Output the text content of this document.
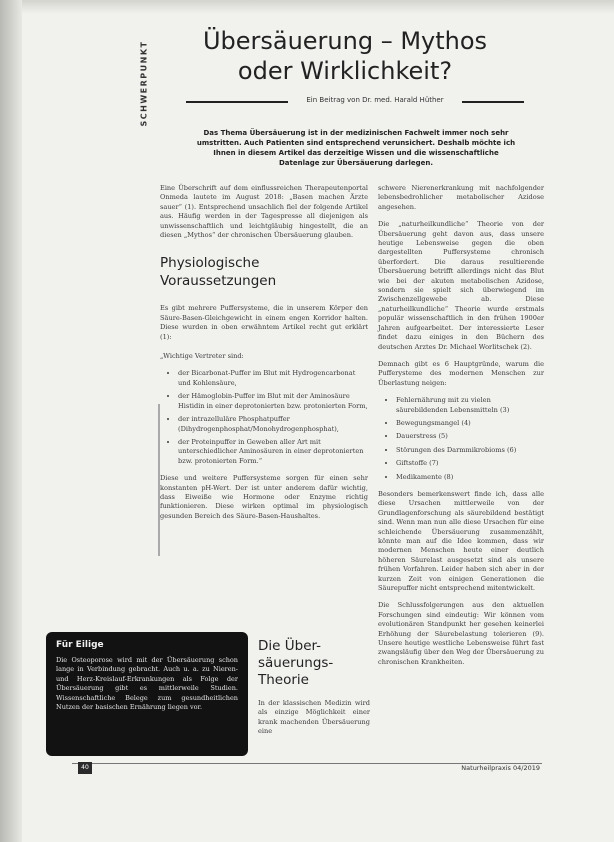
SCHWERPUNKT	Übersäuerung – Mythos
oder Wirklichkeit?
Ein Beitrag von Dr. med. Harald Hüther
Das Thema Übersäuerung ist in der medizinischen Fachwelt immer noch sehr umstritten. Auch Patienten sind entsprechend verunsichert. Deshalb möchte ich Ihnen in diesem Artikel das derzeitige Wissen und die wissenschaftliche Datenlage zur Übersäuerung darlegen.

Eine Überschrift auf dem einflussreichen Therapeutenportal Onmeda lautete im August 2018: „Basen machen Ärzte sauer“ (1). Entsprechend unsachlich fiel der folgende Artikel aus. Häufig werden in der Tagespresse all diejenigen als unwissenschaftlich und leichtgläubig hingestellt, die an diesen „Mythos“ der chronischen Übersäuerung glauben.

Physiologische
Voraussetzungen

Es gibt mehrere Puffersysteme, die in unserem Körper den Säure-Basen-Gleichgewicht in einem engen Korridor halten. Diese wurden in oben erwähntem Artikel recht gut erklärt (1):

„Wichtige Vertreter sind:

• der Bicarbonat-Puffer im Blut mit Hydrogencarbonat und Kohlensäure,
• der Hämoglobin-Puffer im Blut mit der Aminosäure Histidin in einer deprotonierten bzw. protonierten Form,
• der intrazelluläre Phosphatpuffer (Dihydrogenphosphat/Monohydrogenphosphat),
• der Proteinpuffer in Geweben aller Art mit unterschiedlicher Aminosäuren in einer deprotonierten bzw. protonierten Form.“

Diese und weitere Puffersysteme sorgen für einen sehr konstanten pH-Wert. Der ist unter anderem dafür wichtig, dass Eiweiße wie Hormone oder Enzyme richtig funktionieren. Diese wirken optimal im physiologisch gesunden Bereich des Säure-Basen-Haushaltes.

Für Eilige
Die Osteoporose wird mit der Übersäuerung schon lange in Verbindung gebracht. Auch u. a. zu Nieren- und Herz-Kreislauf-Erkrankungen als Folge der Übersäuerung gibt es mittlerweile Studien. Wissenschaftliche Belege zum gesundheitlichen Nutzen der basischen Ernährung liegen vor.
Die Über-
säuerungs-
Theorie

In der klassischen Medizin wird als einzige Möglichkeit einer krank machenden Übersäuerung eine

schwere Nierenerkrankung mit nachfolgender lebensbedrohlicher metabolischer Azidose angesehen.

Die „naturheilkundliche“ Theorie von der Übersäuerung geht davon aus, dass unsere heutige Lebensweise gegen die oben dargestellten Puffersysteme chronisch überfordert. Die daraus resultierende Übersäuerung betrifft allerdings nicht das Blut wie bei der akuten metabolischen Azidose, sondern sie spielt sich überwiegend im Zwischenzellgewebe ab. Diese „naturheilkundliche“ Theorie wurde erstmals populär wissenschaftlich in den frühen 1900er Jahren aufgearbeitet. Der interessierte Leser findet dazu einiges in den Büchern des deutschen Arztes Dr. Michael Worlitschek (2).

Demnach gibt es 6 Hauptgründe, warum die Pufferysteme des modernen Menschen zur Überlastung neigen:

• Fehlernährung mit zu vielen säurebildenden Lebensmitteln (3)
• Bewegungsmangel (4)
• Dauerstress (5)
• Störungen des Darmmikrobioms (6)
• Giftstoffe (7)
• Medikamente (8)

Besonders bemerkenswert finde ich, dass alle diese Ursachen mittlerweile von der Grundlagenforschung als säurebildend bestätigt sind. Wenn man nun alle diese Ursachen für eine schleichende Übersäuerung zusammenzählt, könnte man auf die Idee kommen, dass wir modernen Menschen heute einer deutlich höheren Säurelast ausgesetzt sind als unsere frühen Vorfahren. Leider haben sich aber in der kurzen Zeit von einigen Generationen die Säurepuffer nicht entsprechend mitentwickelt.

Die Schlussfolgerungen aus den aktuellen Forschungen sind eindeutig: Wir können vom evolutionären Standpunkt her gesehen keinerlei Erhöhung der Säurebelastung tolerieren (9). Unsere heutige westliche Lebensweise führt fast zwangsläufig über den Weg der Übersäuerung zu chronischen Krankheiten.

40	Naturheilpraxis 04/2019
